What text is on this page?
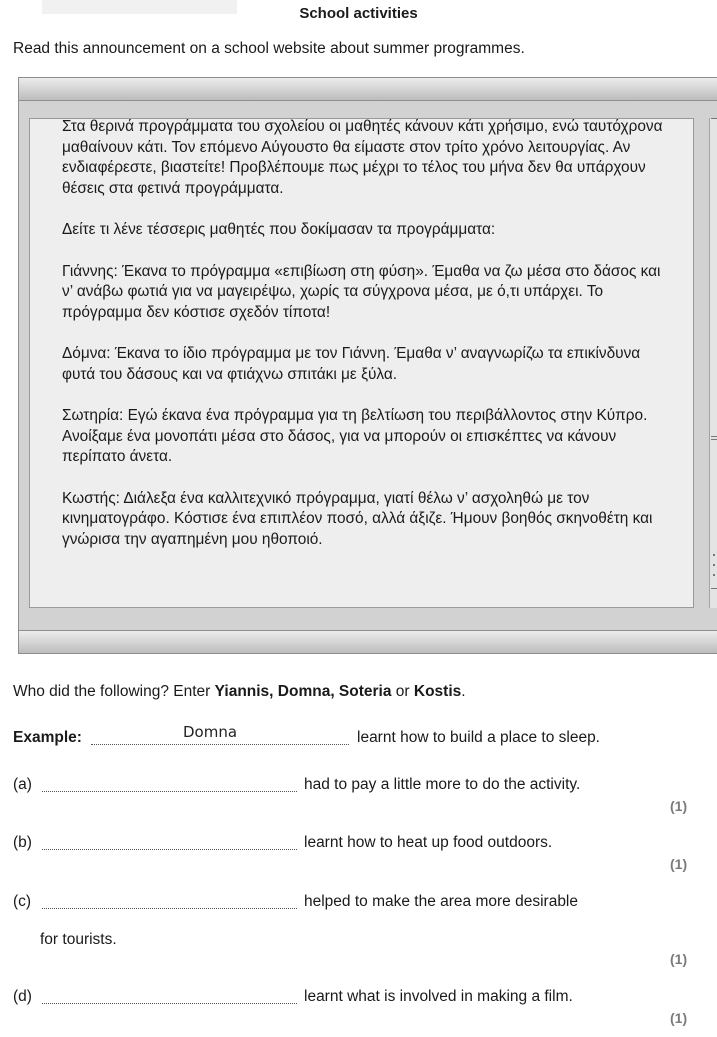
School activities
Read this announcement on a school website about summer programmes.

Στα θερινά προγράμματα του σχολείου οι μαθητές κάνουν κάτι χρήσιμο, ενώ ταυτόχρονα μαθαίνουν κάτι. Τον επόμενο Αύγουστο θα είμαστε στον τρίτο χρόνο λειτουργίας. Αν ενδιαφέρεστε, βιαστείτε! Προβλέπουμε πως μέχρι το τέλος του μήνα δεν θα υπάρχουν θέσεις στα φετινά προγράμματα.

Δείτε τι λένε τέσσερις μαθητές που δοκίμασαν τα προγράμματα:

Γιάννης: Έκανα το πρόγραμμα «επιβίωση στη φύση». Έμαθα να ζω μέσα στο δάσος και ν’ ανάβω φωτιά για να μαγειρέψω, χωρίς τα σύγχρονα μέσα, με ό,τι υπάρχει. Το πρόγραμμα δεν κόστισε σχεδόν τίποτα!

Δόμνα: Έκανα το ίδιο πρόγραμμα με τον Γιάννη. Έμαθα ν’ αναγνωρίζω τα επικίνδυνα φυτά του δάσους και να φτιάχνω σπιτάκι με ξύλα.

Σωτηρία: Εγώ έκανα ένα πρόγραμμα για τη βελτίωση του περιβάλλοντος στην Κύπρο. Ανοίξαμε ένα μονοπάτι μέσα στο δάσος, για να μπορούν οι επισκέπτες να κάνουν περίπατο άνετα.

Κωστής: Διάλεξα ένα καλλιτεχνικό πρόγραμμα, γιατί θέλω ν’ ασχοληθώ με τον κινηματογράφο. Κόστισε ένα επιπλέον ποσό, αλλά άξιζε. Ήμουν βοηθός σκηνοθέτη και γνώρισα την αγαπημένη μου ηθοποιό.

Who did the following? Enter Yiannis, Domna, Soteria or Kostis.
Example:	Domna	learnt how to build a place to sleep.
(a)	had to pay a little more to do the activity.
(1)
(b)	learnt how to heat up food outdoors.
(1)
(c)	helped to make the area more desirable
for tourists.
(1)
(d)	learnt what is involved in making a film.
(1)
